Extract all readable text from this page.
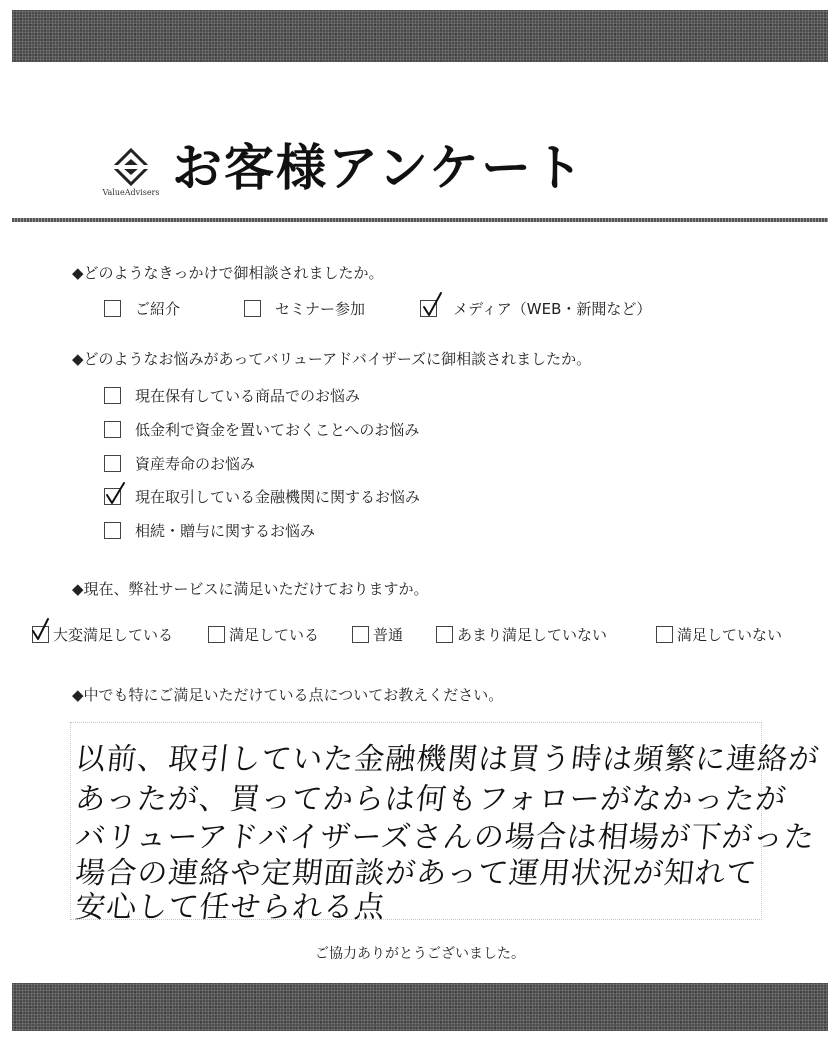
ValueAdvisers お客様アンケート
◆どのようなきっかけで御相談されましたか。
ご紹介	セミナー参加	メディア（WEB・新聞など）
◆どのようなお悩みがあってバリューアドバイザーズに御相談されましたか。
現在保有している商品でのお悩み
低金利で資金を置いておくことへのお悩み
資産寿命のお悩み
現在取引している金融機関に関するお悩み
相続・贈与に関するお悩み
◆現在、弊社サービスに満足いただけておりますか。
大変満足している	満足している	普通	あまり満足していない	満足していない
◆中でも特にご満足いただけている点についてお教えください。
以前、取引していた金融機関は買う時は頻繁に連絡が
あったが、買ってからは何もフォローがなかったが
バリューアドバイザーズさんの場合は相場が下がった
場合の連絡や定期面談があって運用状況が知れて
安心して任せられる点
ご協力ありがとうございました。
